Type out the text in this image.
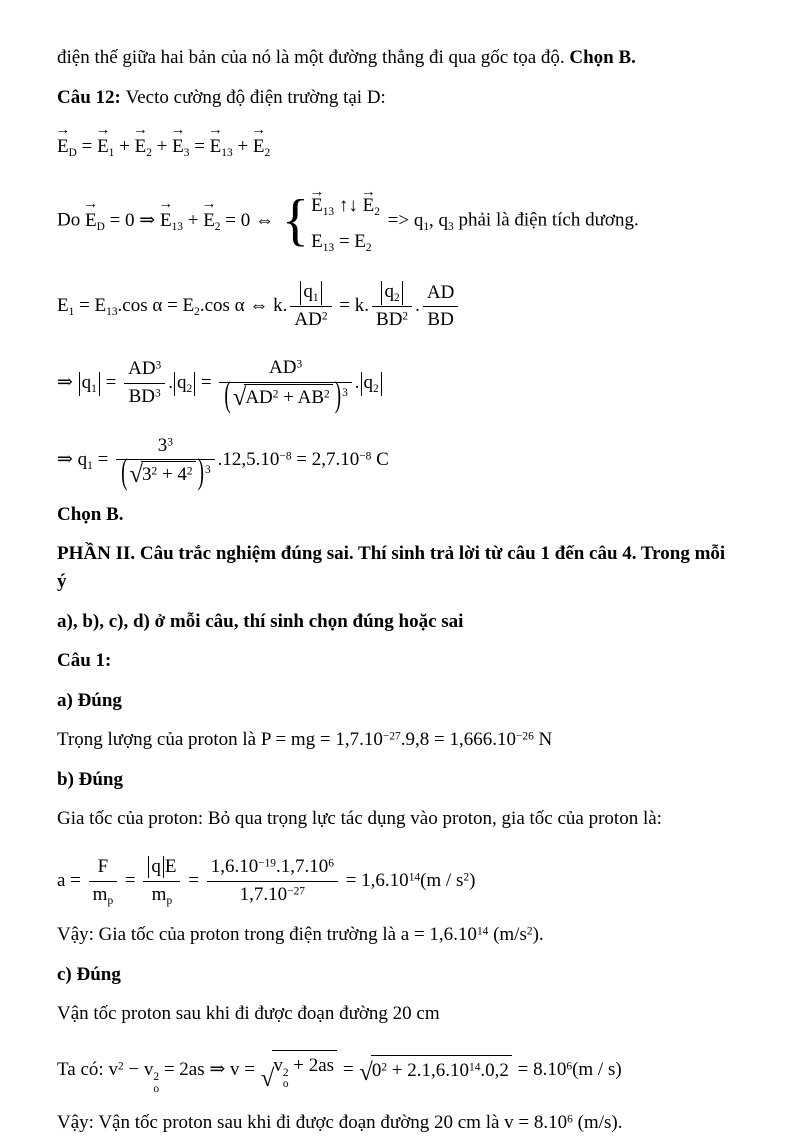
điện thế giữa hai bản của nó là một đường thẳng đi qua gốc tọa độ. Chọn B.
Câu 12: Vecto cường độ điện trường tại D:
→
$E_D$ =
→
$E_1$ +
→
$E_2$ +
→
$E_3$ =
→
$E_{13}$ +
→
$E_2$
Do
→
$E_D = 0$ ⇒
→
$E_{13}$ +
→
$E_2 = 0$ ⇔ { →
$E_{13}$ ↑↓
→
$E_2$
$E_{13} = E_2$
=> $q_1$, $q_3$ phải là điện tích dương.
$E_1 = E_{13}.\cos$ $\alpha = E_2.\cos$ α ⇔ k. $\frac{q_1}{AD^2} = k$. $\frac{q_2}{BD^2}$ . $\frac{AD}{BD}$
⇒ $q_1 = \frac{AD^3}{BD^3}$ . $q_2 = \frac{AD^3}{( √ AD^2 + AB^2 ) ^3}$ . $q_2$
⇒ $q_1 = \frac{3^3}{( √ 3^2 + 4^2 ) ^3} .12,5.10^{-8} = 2,7.10^{-8}$ C
Chọn B.
PHẦN II. Câu trắc nghiệm đúng sai. Thí sinh trả lời từ câu 1 đến câu 4. Trong mỗi ý
a), b), c), d) ở mỗi câu, thí sinh chọn đúng hoặc sai
Câu 1:
a) Đúng
Trọng lượng của proton là P = mg = $1,7.10^{-27}.9,8 = 1,666.10^{-26}$ N
b) Đúng
Gia tốc của proton: Bỏ qua trọng lực tác dụng vào proton, gia tốc của proton là:
$a = \frac{F}{m_p} = \frac{\text{q E}}{m_p} = \frac{1,6.10^{-19}.1,7.10^6}{1,7.10^{-27}} = 1,6.10^{14}(m / s^2)$
Vậy: Gia tốc của proton trong điện trường là $a = 1,6.10^{14}$ $(m/s^2)$.
c) Đúng
Vận tốc proton sau khi đi được đoạn đường 20 cm
Ta có: $v^2 - v$ 2
o
= 2as ⇒ v = √ v 2
o
+ 2as = √ $0^2 + 2.1,6.10^{14}.0,2 = 8.10^6(m / s)$
Vậy: Vận tốc proton sau khi đi được đoạn đường 20 cm là $v = 8.10^6$ (m/s).
